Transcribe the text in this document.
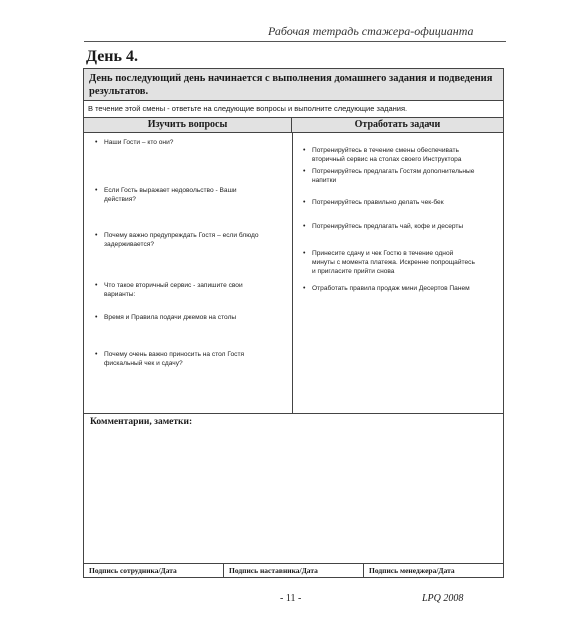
Рабочая тетрадь стажера-официанта
День 4.
День последующий день начинается с выполнения домашнего задания и подведения результатов.
В течение этой смены - ответьте на следующие вопросы и выполните следующие задания.
Изучить вопросы	Отработать задачи
• Наши Гости – кто они?
• Если Гость выражает недовольство - Ваши действия?
• Почему важно предупреждать Гостя – если блюдо задерживается?
• Что такое вторичный сервис - запишите свои варианты:
• Время и Правила подачи джемов на столы
• Почему очень важно приносить на стол Гостя фискальный чек и сдачу?
• Потренируйтесь в течение смены обеспечивать вторичный сервис на столах своего Инструктора
• Потренируйтесь предлагать Гостям дополнительные напитки
• Потренируйтесь правильно делать чек-бек
• Потренируйтесь предлагать чай, кофе и десерты
• Принесите сдачу и чек Гостю в течение одной минуты с момента платежа. Искренне попрощайтесь и пригласите прийти снова
• Отработать правила продаж мини Десертов Панем
Комментарии, заметки:
Подпись сотрудника/Дата	Подпись наставника/Дата	Подпись менеджера/Дата
- 11 -	LPQ 2008
